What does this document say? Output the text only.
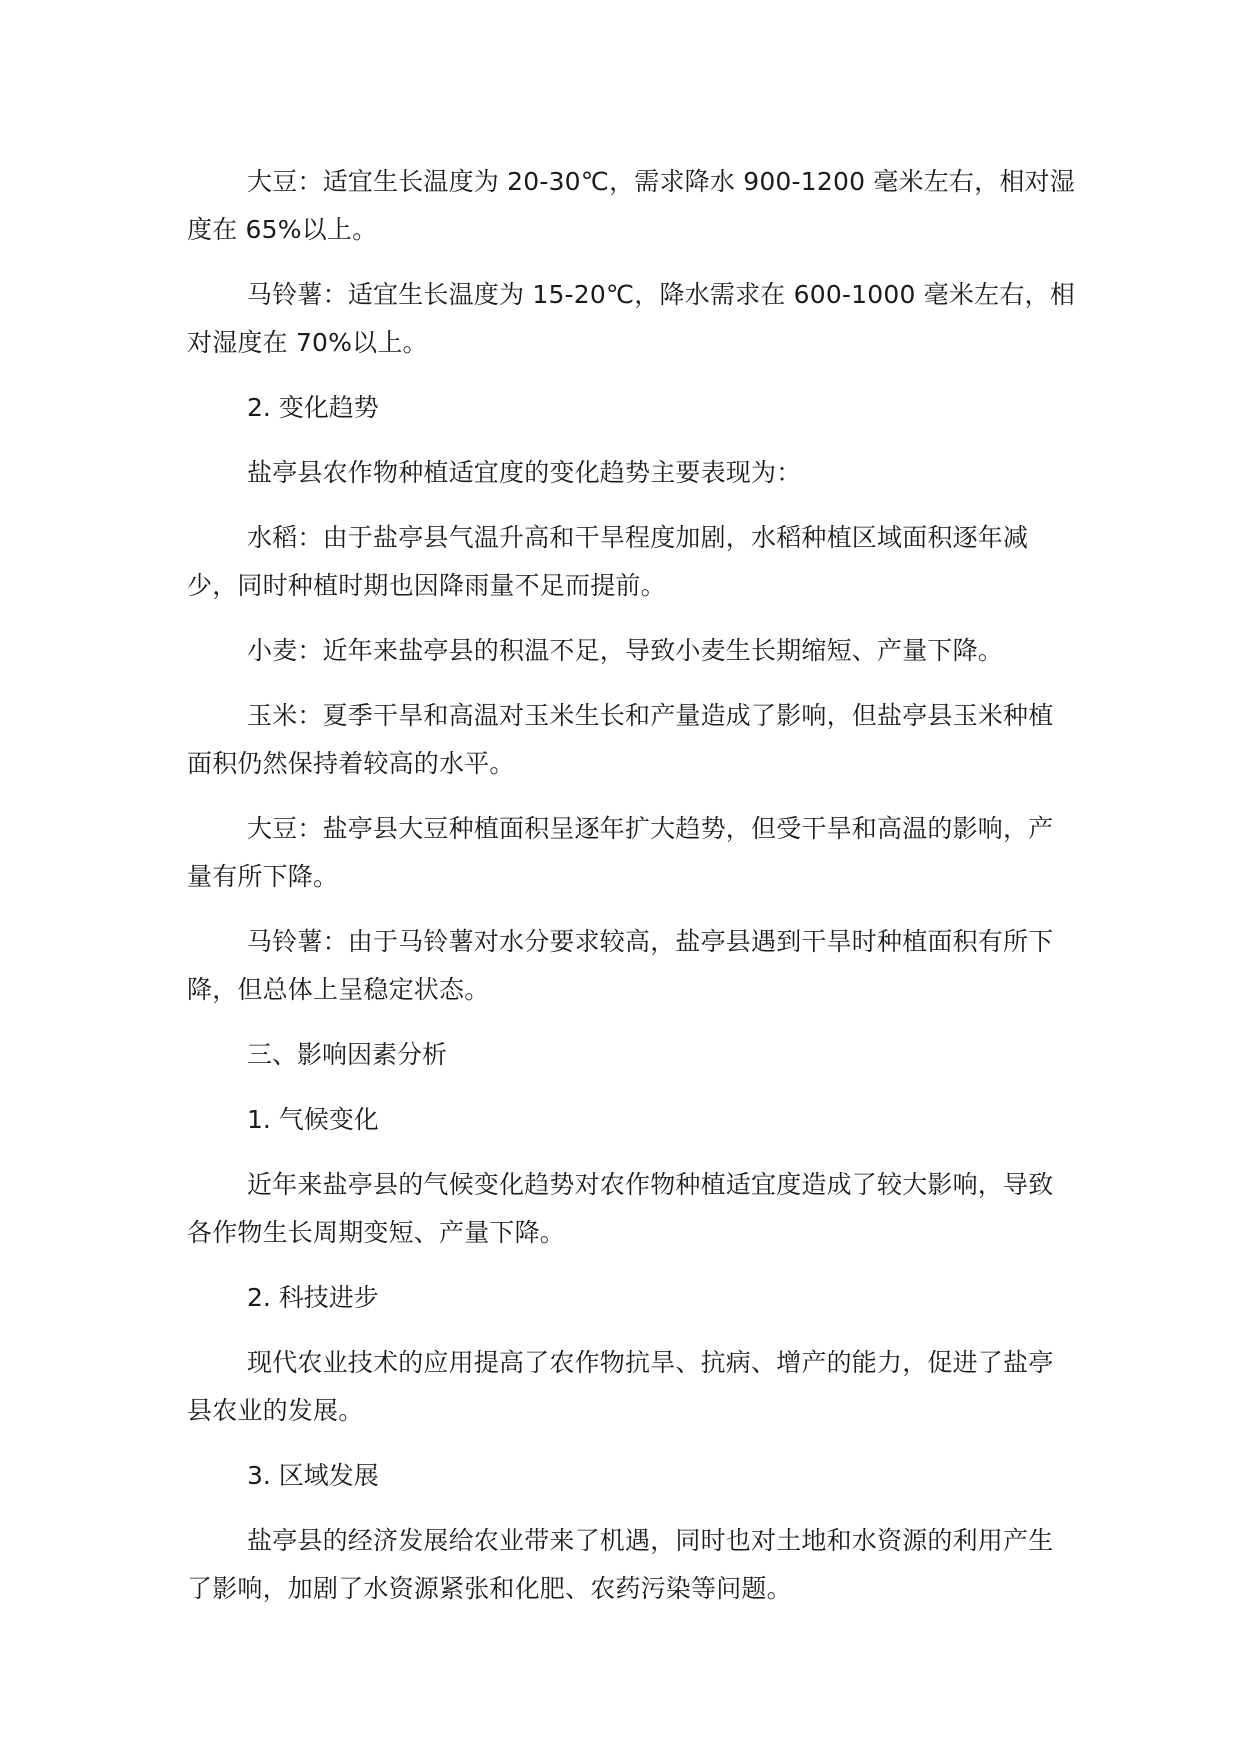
大豆：适宜生长温度为 20-30℃，需求降水 900-1200 毫米左右，相对湿度在 65%以上。

马铃薯：适宜生长温度为 15-20℃，降水需求在 600-1000 毫米左右，相对湿度在 70%以上。

2. 变化趋势

盐亭县农作物种植适宜度的变化趋势主要表现为：

水稻：由于盐亭县气温升高和干旱程度加剧，水稻种植区域面积逐年减少，同时种植时期也因降雨量不足而提前。

小麦：近年来盐亭县的积温不足，导致小麦生长期缩短、产量下降。

玉米：夏季干旱和高温对玉米生长和产量造成了影响，但盐亭县玉米种植面积仍然保持着较高的水平。

大豆：盐亭县大豆种植面积呈逐年扩大趋势，但受干旱和高温的影响，产量有所下降。

马铃薯：由于马铃薯对水分要求较高，盐亭县遇到干旱时种植面积有所下降，但总体上呈稳定状态。

三、影响因素分析

1. 气候变化

近年来盐亭县的气候变化趋势对农作物种植适宜度造成了较大影响，导致各作物生长周期变短、产量下降。

2. 科技进步

现代农业技术的应用提高了农作物抗旱、抗病、增产的能力，促进了盐亭县农业的发展。

3. 区域发展

盐亭县的经济发展给农业带来了机遇，同时也对土地和水资源的利用产生了影响，加剧了水资源紧张和化肥、农药污染等问题。
